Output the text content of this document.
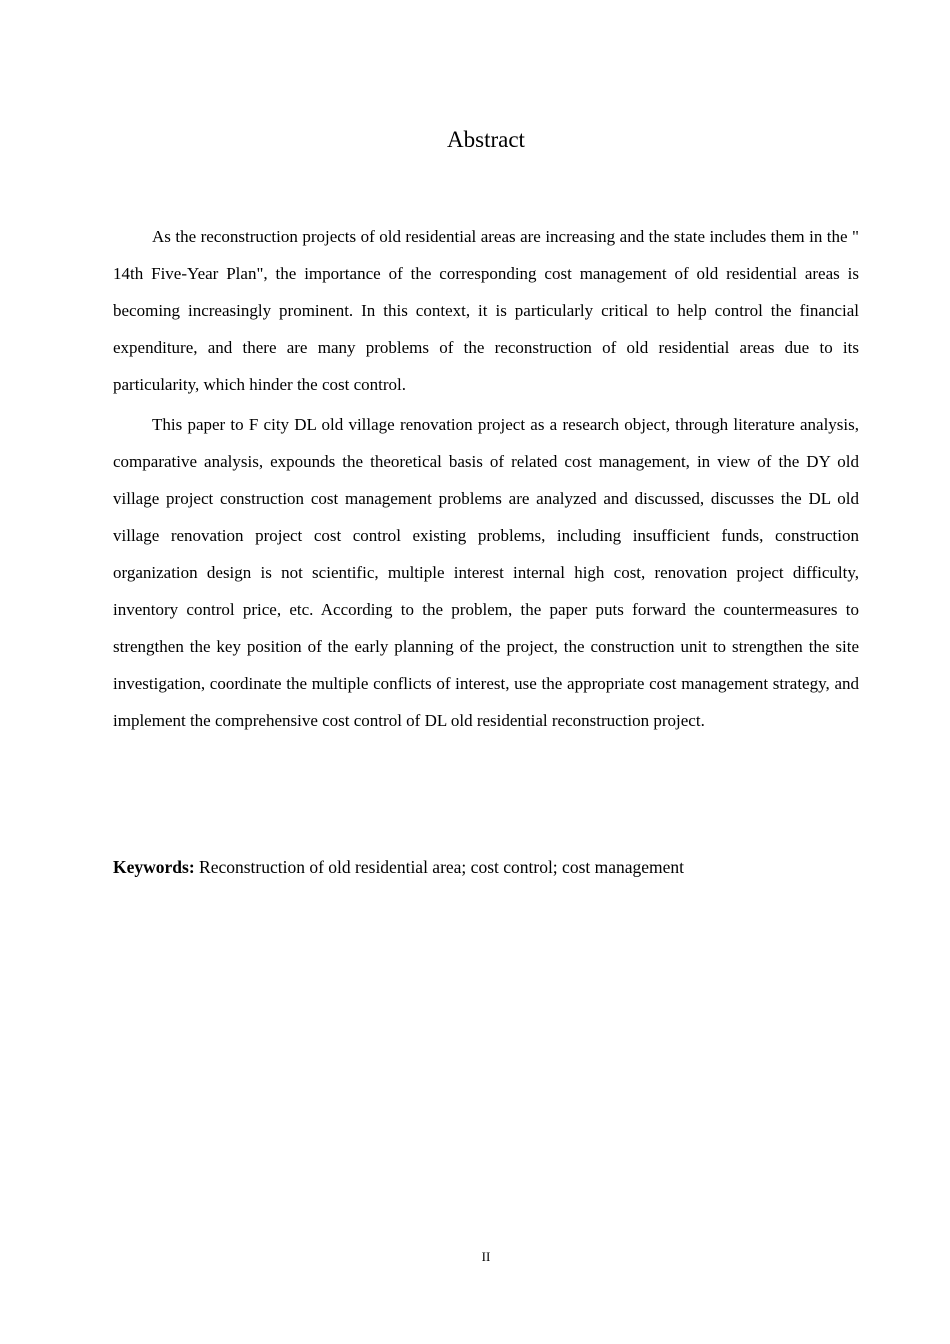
Abstract

As the reconstruction projects of old residential areas are increasing and the state includes them in the " 14th Five-Year Plan", the importance of the corresponding cost management of old residential areas is becoming increasingly prominent. In this context, it is particularly critical to help control the financial expenditure, and there are many problems of the reconstruction of old residential areas due to its particularity, which hinder the cost control.

This paper to F city DL old village renovation project as a research object, through literature analysis, comparative analysis, expounds the theoretical basis of related cost management, in view of the DY old village project construction cost management problems are analyzed and discussed, discusses the DL old village renovation project cost control existing problems, including insufficient funds, construction organization design is not scientific, multiple interest internal high cost, renovation project difficulty, inventory control price, etc. According to the problem, the paper puts forward the countermeasures to strengthen the key position of the early planning of the project, the construction unit to strengthen the site investigation, coordinate the multiple conflicts of interest, use the appropriate cost management strategy, and implement the comprehensive cost control of DL old residential reconstruction project.

Keywords: Reconstruction of old residential area; cost control; cost management

II
